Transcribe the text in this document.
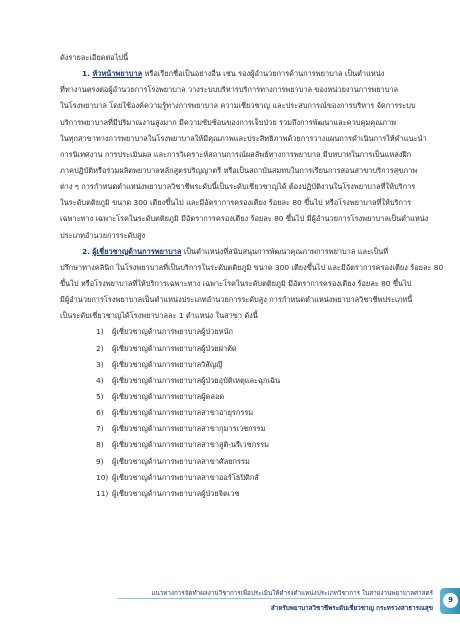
ดังรายละเอียดต่อไปนี้
1. หัวหน้าพยาบาล หรือเรียกชื่อเป็นอย่างอื่น เช่น รองผู้อำนวยการด้านการพยาบาล เป็นตำแหน่ง
ที่ทางานตรงต่อผู้อำนวยการโรงพยาบาล วางระบบบริหารบริการทางการพยาบาล ของหน่วยงานการพยาบาล
ในโรงพยาบาล โดยใช้องค์ความรู้ทางการพยาบาล ความเชี่ยวชาญ และประสบการณ์ของการบริหาร จัดการระบบ
บริการพยาบาลที่มีปริมาณงานสูงมาก มีความซับซ้อนของการเจ็บป่วย รวมถึงการพัฒนาและควบคุมคุณภาพ
ในทุกสาขาทางการพยาบาลในโรงพยาบาลให้มีคุณภาพและประสิทธิภาพด้วยการวางแผนการดำเนินการให้คำแนะนำ
การนิเทศงาน การประเมินผล และการวิเคราะห์สถานการณ์ผลลัพธ์ทางการพยาบาล มีบทบาทในการเป็นแหล่งฝึก
ภาคปฏิบัติหรือร่วมผลิตพยาบาลหลักสูตรปริญญาตรี หรือเป็นสถาบันสมทบในการเรียนการสอนสาขาบริการสุขภาพ
ต่าง ๆ การกำหนดตำแหน่งพยาบาลวิชาชีพระดับนี้เป็นระดับเชี่ยวชาญได้ ต้องปฏิบัติงานในโรงพยาบาลที่ให้บริการ
ในระดับตติยภูมิ ขนาด 300 เตียงขึ้นไป และมีอัตราการครองเตียง ร้อยละ 80 ขึ้นไป หรือโรงพยาบาลที่ให้บริการ
เฉพาะทาง เฉพาะโรคในระดับตติยภูมิ มีอัตราการครองเตียง ร้อยละ 80 ขึ้นไป มีผู้อำนวยการโรงพยาบาลเป็นตำแหน่ง
ประเภทอำนวยการระดับสูง
2. ผู้เชี่ยวชาญด้านการพยาบาล เป็นตำแหน่งที่สนับสนุนการพัฒนาคุณภาพการพยาบาล และเป็นที่
ปรึกษาทางคลินิก ในโรงพยาบาลที่เป็นบริการในระดับตติยภูมิ ขนาด 300 เตียงขึ้นไป และมีอัตราการครองเตียง ร้อยละ 80
ขึ้นไป หรือโรงพยาบาลที่ให้บริการเฉพาะทาง เฉพาะโรคในระดับตติยภูมิ มีอัตราการครองเตียง ร้อยละ 80 ขึ้นไป
มีผู้อำนวยการโรงพยาบาลเป็นตำแหน่งประเภทอำนวยการระดับสูง การกำหนดตำแหน่งพยาบาลวิชาชีพประเภทนี้
เป็นระดับเชี่ยวชาญได้โรงพยาบาลละ 1 ตำแหน่ง ในสาขา ดังนี้
1) ผู้เชี่ยวชาญด้านการพยาบาลผู้ป่วยหนัก
2) ผู้เชี่ยวชาญด้านการพยาบาลผู้ป่วยผ่าตัด
3) ผู้เชี่ยวชาญด้านการพยาบาลวิสัญญี
4) ผู้เชี่ยวชาญด้านการพยาบาลผู้ป่วยอุบัติเหตุและฉุกเฉิน
5) ผู้เชี่ยวชาญด้านการพยาบาลผู้คลอด
6) ผู้เชี่ยวชาญด้านการพยาบาลสาขาอายุรกรรม
7) ผู้เชี่ยวชาญด้านการพยาบาลสาขากุมารเวชกรรม
8) ผู้เชี่ยวชาญด้านการพยาบาลสาขาสูติ-นรีเวชกรรม
9) ผู้เชี่ยวชาญด้านการพยาบาลสาขาศัลยกรรม
10) ผู้เชี่ยวชาญด้านการพยาบาลสาขาออร์โธปิดิกส์
11) ผู้เชี่ยวชาญด้านการพยาบาลผู้ป่วยจิตเวช
แนวทางการจัดทำผลงานวิชาการเพื่อประเมินให้ดำรงตำแหน่งประเภทวิชาการ ในสายงานพยาบาลศาสตร์
สำหรับพยาบาลวิชาชีพระดับเชี่ยวชาญ กระทรวงสาธารณสุข
9
